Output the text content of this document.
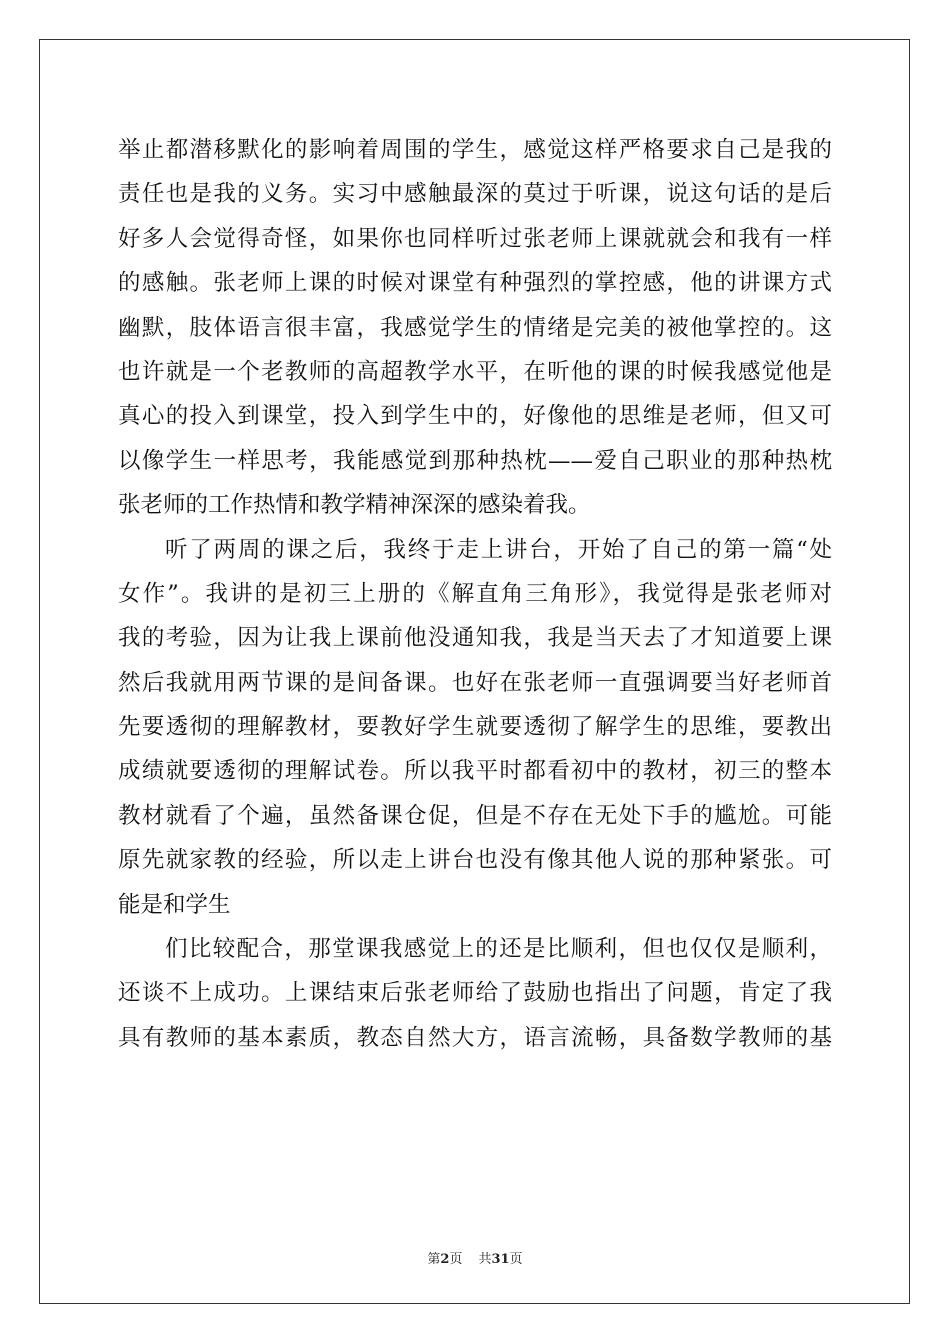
举止都潜移默化的影响着周围的学生，感觉这样严格要求自己是我的
责任也是我的义务。实习中感触最深的莫过于听课，说这句话的是后
好多人会觉得奇怪，如果你也同样听过张老师上课就就会和我有一样
的感触。张老师上课的时候对课堂有种强烈的掌控感，他的讲课方式
幽默，肢体语言很丰富，我感觉学生的情绪是完美的被他掌控的。这
也许就是一个老教师的高超教学水平，在听他的课的时候我感觉他是
真心的投入到课堂，投入到学生中的，好像他的思维是老师，但又可
以像学生一样思考，我能感觉到那种热枕——爱自己职业的那种热枕
张老师的工作热情和教学精神深深的感染着我。
听了两周的课之后，我终于走上讲台，开始了自己的第一篇“处
女作”。我讲的是初三上册的《解直角三角形》，我觉得是张老师对
我的考验，因为让我上课前他没通知我，我是当天去了才知道要上课
然后我就用两节课的是间备课。也好在张老师一直强调要当好老师首
先要透彻的理解教材，要教好学生就要透彻了解学生的思维，要教出
成绩就要透彻的理解试卷。所以我平时都看初中的教材，初三的整本
教材就看了个遍，虽然备课仓促，但是不存在无处下手的尴尬。可能
原先就家教的经验，所以走上讲台也没有像其他人说的那种紧张。可
能是和学生
们比较配合，那堂课我感觉上的还是比顺利，但也仅仅是顺利，
还谈不上成功。上课结束后张老师给了鼓励也指出了问题，肯定了我
具有教师的基本素质，教态自然大方，语言流畅，具备数学教师的基
第2页 共31页
